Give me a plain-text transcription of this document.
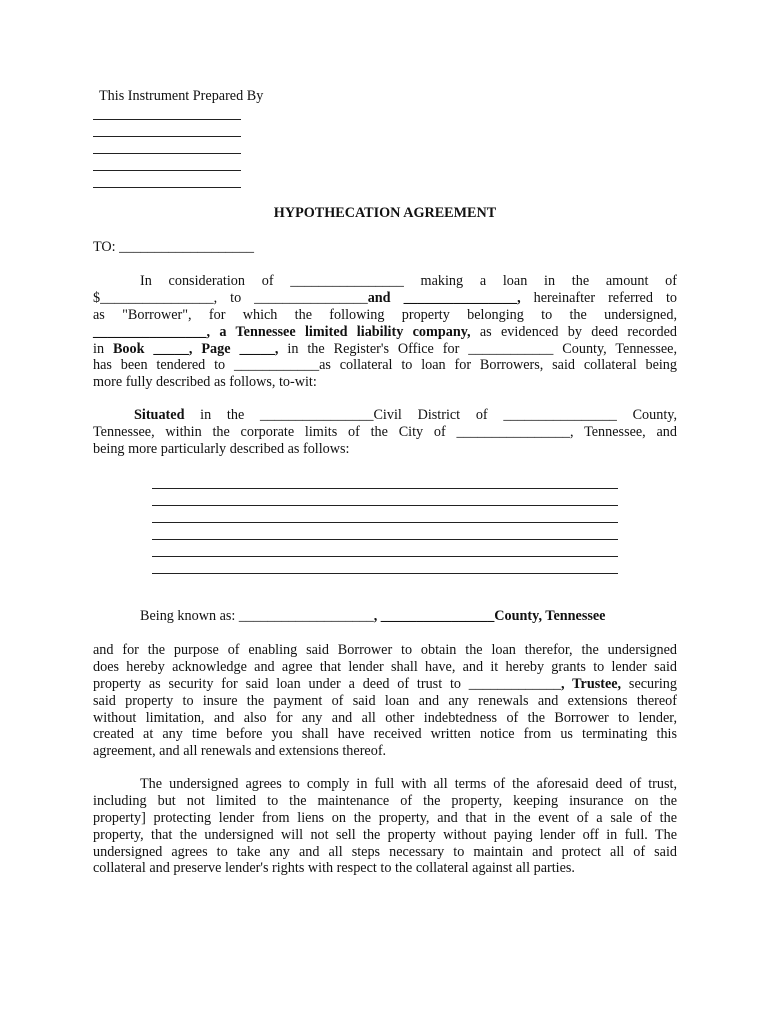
This Instrument Prepared By
HYPOTHECATION AGREEMENT
TO: ___________________
In consideration of ________________ making a loan in the amount of
$________________, to ________________and ________________, hereinafter referred to
as "Borrower", for which the following property belonging to the undersigned,
________________, a Tennessee limited liability company, as evidenced by deed recorded
in Book _____, Page _____, in the Register's Office for ____________ County, Tennessee,
has been tendered to ____________as collateral to loan for Borrowers, said collateral being
more fully described as follows, to-wit:
Situated in the ________________Civil District of ________________ County,
Tennessee, within the corporate limits of the City of ________________, Tennessee, and
being more particularly described as follows:
Being known as: ___________________, ________________County, Tennessee
and for the purpose of enabling said Borrower to obtain the loan therefor, the undersigned
does hereby acknowledge and agree that lender shall have, and it hereby grants to lender said
property as security for said loan under a deed of trust to _____________, Trustee, securing
said property to insure the payment of said loan and any renewals and extensions thereof
without limitation, and also for any and all other indebtedness of the Borrower to lender,
created at any time before you shall have received written notice from us terminating this
agreement, and all renewals and extensions thereof.
The undersigned agrees to comply in full with all terms of the aforesaid deed of trust,
including but not limited to the maintenance of the property, keeping insurance on the
property] protecting lender from liens on the property, and that in the event of a sale of the
property, that the undersigned will not sell the property without paying lender off in full. The
undersigned agrees to take any and all steps necessary to maintain and protect all of said
collateral and preserve lender's rights with respect to the collateral against all parties.
